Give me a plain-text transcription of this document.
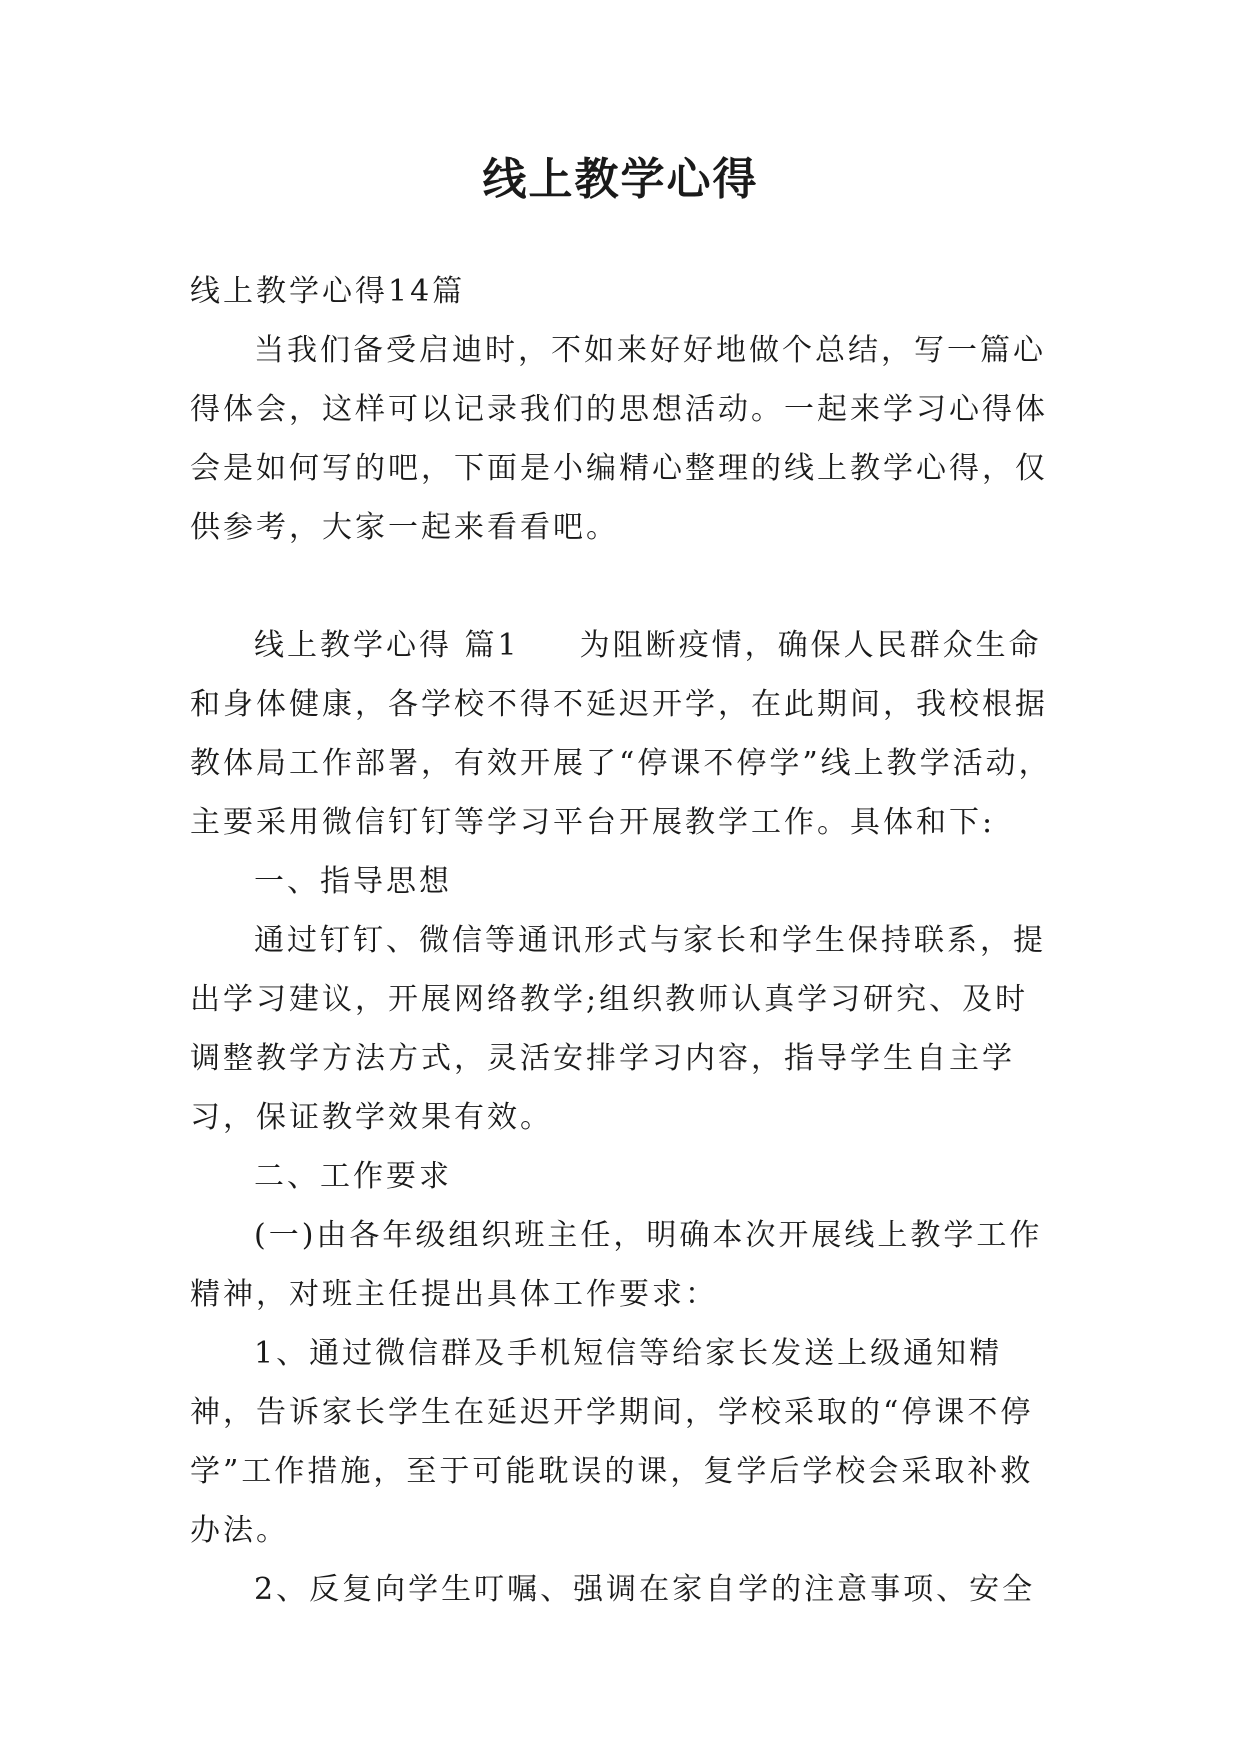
线上教学心得

线上教学心得14篇

当我们备受启迪时，不如来好好地做个总结，写一篇心得体会，这样可以记录我们的思想活动。一起来学习心得体会是如何写的吧，下面是小编精心整理的线上教学心得，仅供参考，大家一起来看看吧。

线上教学心得 篇1 为阻断疫情，确保人民群众生命和身体健康，各学校不得不延迟开学，在此期间，我校根据教体局工作部署，有效开展了“停课不停学”线上教学活动，主要采用微信钉钉等学习平台开展教学工作。具体和下:

一、指导思想

通过钉钉、微信等通讯形式与家长和学生保持联系，提出学习建议，开展网络教学;组织教师认真学习研究、及时调整教学方法方式，灵活安排学习内容，指导学生自主学习，保证教学效果有效。

二、工作要求

(一)由各年级组织班主任，明确本次开展线上教学工作精神，对班主任提出具体工作要求：

1、通过微信群及手机短信等给家长发送上级通知精神，告诉家长学生在延迟开学期间，学校采取的“停课不停学”工作措施，至于可能耽误的课，复学后学校会采取补救办法。

2、反复向学生叮嘱、强调在家自学的注意事项、安全
